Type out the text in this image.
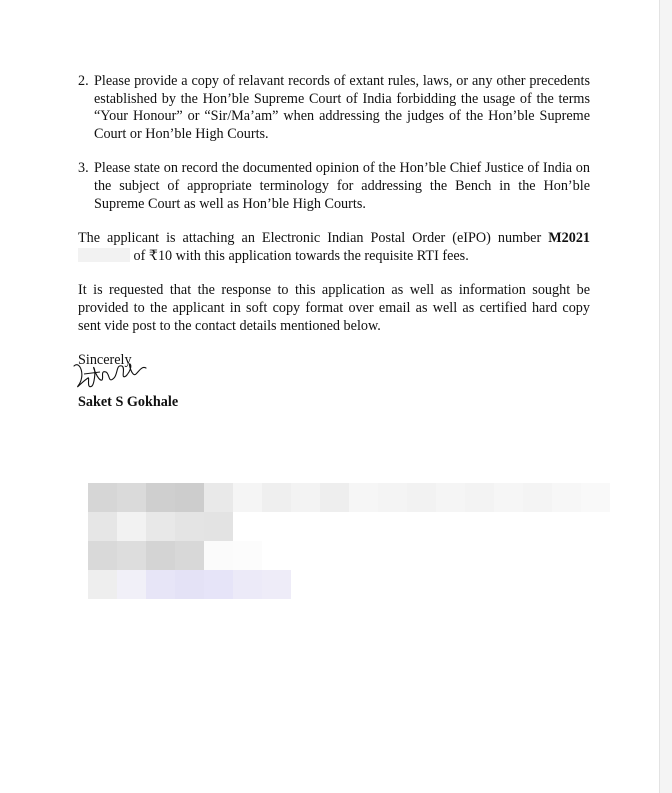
2. Please provide a copy of relavant records of extant rules, laws, or any other precedents established by the Hon’ble Supreme Court of India forbidding the usage of the terms “Your Honour” or “Sir/Ma’am” when addressing the judges of the Hon’ble Supreme Court or Hon’ble High Courts.
3. Please state on record the documented opinion of the Hon’ble Chief Justice of India on the subject of appropriate terminology for addressing the Bench in the Hon’ble Supreme Court as well as Hon’ble High Courts.
The applicant is attaching an Electronic Indian Postal Order (eIPO) number M2021 of ₹10 with this application towards the requisite RTI fees.
It is requested that the response to this application as well as information sought be provided to the applicant in soft copy format over email as well as certified hard copy sent vide post to the contact details mentioned below.
Sincerely
Saket S Gokhale
